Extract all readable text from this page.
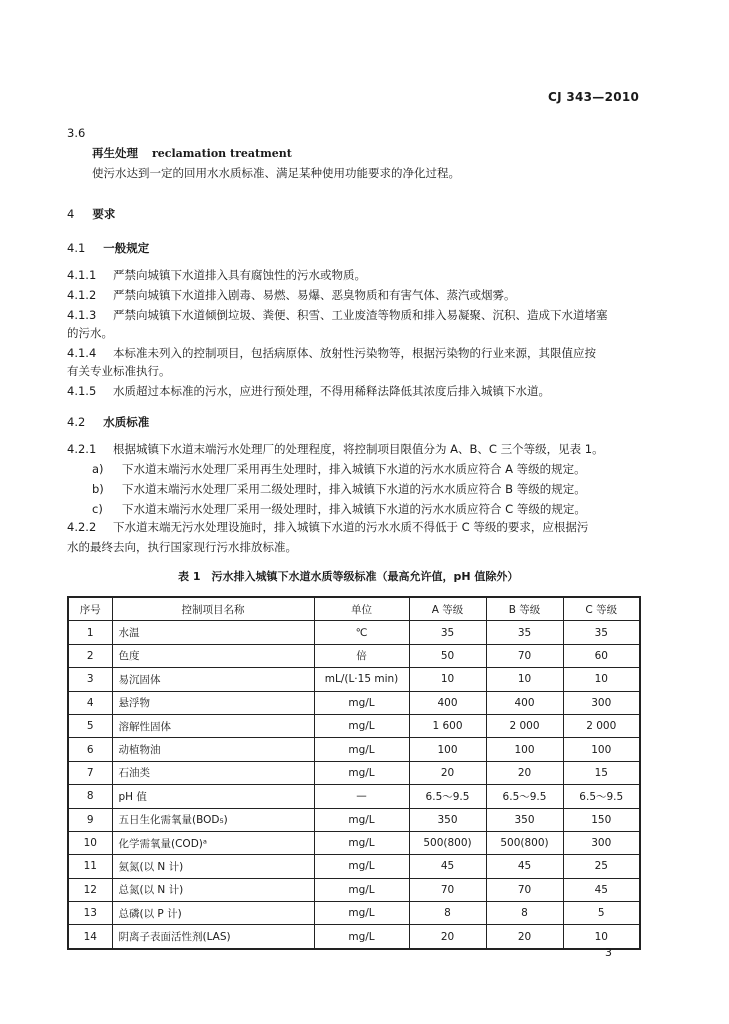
CJ 343—2010
3.6
再生处理 reclamation treatment
使污水达到一定的回用水水质标准、满足某种使用功能要求的净化过程。
4 要求
4.1 一般规定
4.1.1 严禁向城镇下水道排入具有腐蚀性的污水或物质。
4.1.2 严禁向城镇下水道排入剧毒、易燃、易爆、恶臭物质和有害气体、蒸汽或烟雾。
4.1.3 严禁向城镇下水道倾倒垃圾、粪便、积雪、工业废渣等物质和排入易凝聚、沉积、造成下水道堵塞
的污水。
4.1.4 本标准未列入的控制项目，包括病原体、放射性污染物等，根据污染物的行业来源，其限值应按
有关专业标准执行。
4.1.5 水质超过本标准的污水，应进行预处理，不得用稀释法降低其浓度后排入城镇下水道。
4.2 水质标准
4.2.1 根据城镇下水道末端污水处理厂的处理程度，将控制项目限值分为 A、B、C 三个等级，见表 1。
a) 下水道末端污水处理厂采用再生处理时，排入城镇下水道的污水水质应符合 A 等级的规定。
b) 下水道末端污水处理厂采用二级处理时，排入城镇下水道的污水水质应符合 B 等级的规定。
c) 下水道末端污水处理厂采用一级处理时，排入城镇下水道的污水水质应符合 C 等级的规定。
4.2.2 下水道末端无污水处理设施时，排入城镇下水道的污水水质不得低于 C 等级的要求，应根据污
水的最终去向，执行国家现行污水排放标准。
表 1　污水排入城镇下水道水质等级标准（最高允许值，pH 值除外）
序号	控制项目名称	单位	A 等级	B 等级	C 等级
1	水温	℃	35	35	35
2	色度	倍	50	70	60
3	易沉固体	mL/(L·15 min)	10	10	10
4	悬浮物	mg/L	400	400	300
5	溶解性固体	mg/L	1 600	2 000	2 000
6	动植物油	mg/L	100	100	100
7	石油类	mg/L	20	20	15
8	pH 值	—	6.5～9.5	6.5～9.5	6.5～9.5
9	五日生化需氧量(BOD₅)	mg/L	350	350	150
10	化学需氧量(COD)ᵃ	mg/L	500(800)	500(800)	300
11	氨氮(以 N 计)	mg/L	45	45	25
12	总氮(以 N 计)	mg/L	70	70	45
13	总磷(以 P 计)	mg/L	8	8	5
14	阴离子表面活性剂(LAS)	mg/L	20	20	10
3
